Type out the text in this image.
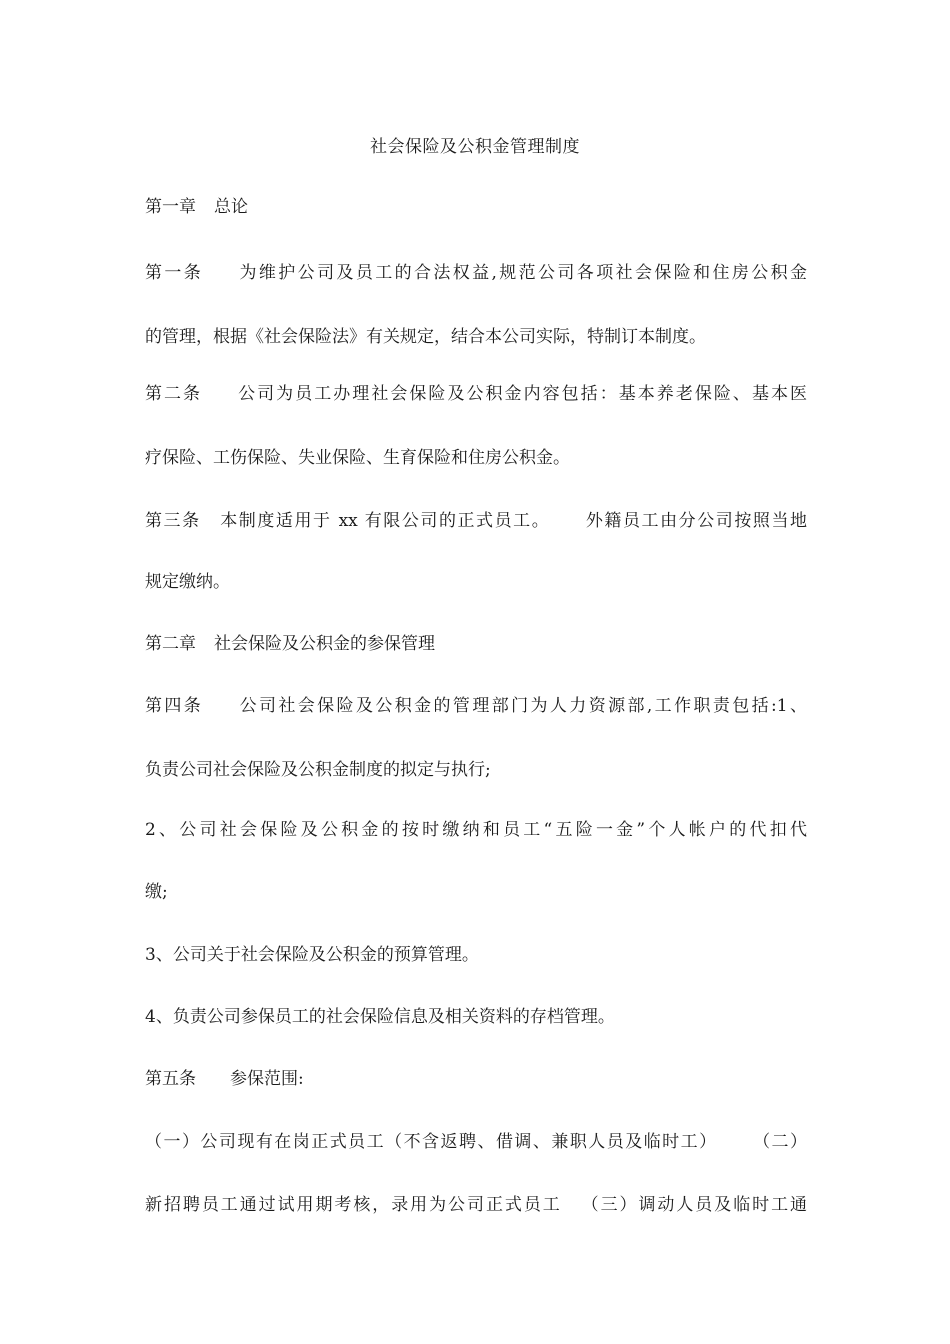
社会保险及公积金管理制度
第一章 总论
第一条 为维护公司及员工的合法权益,规范公司各项社会保险和住房公积金
的管理，根据《社会保险法》有关规定，结合本公司实际，特制订本制度。
第二条 公司为员工办理社会保险及公积金内容包括：基本养老保险、基本医
疗保险、工伤保险、失业保险、生育保险和住房公积金。
第三条 本制度适用于 xx 有限公司的正式员工。 外籍员工由分公司按照当地
规定缴纳。
第二章 社会保险及公积金的参保管理
第四条 公司社会保险及公积金的管理部门为人力资源部,工作职责包括:1、
负责公司社会保险及公积金制度的拟定与执行;
2、公司社会保险及公积金的按时缴纳和员工“五险一金”个人帐户的代扣代
缴;
3、公司关于社会保险及公积金的预算管理。
4、负责公司参保员工的社会保险信息及相关资料的存档管理。
第五条 参保范围:
（一）公司现有在岗正式员工（不含返聘、借调、兼职人员及临时工） （二）
新招聘员工通过试用期考核，录用为公司正式员工 （三）调动人员及临时工通
